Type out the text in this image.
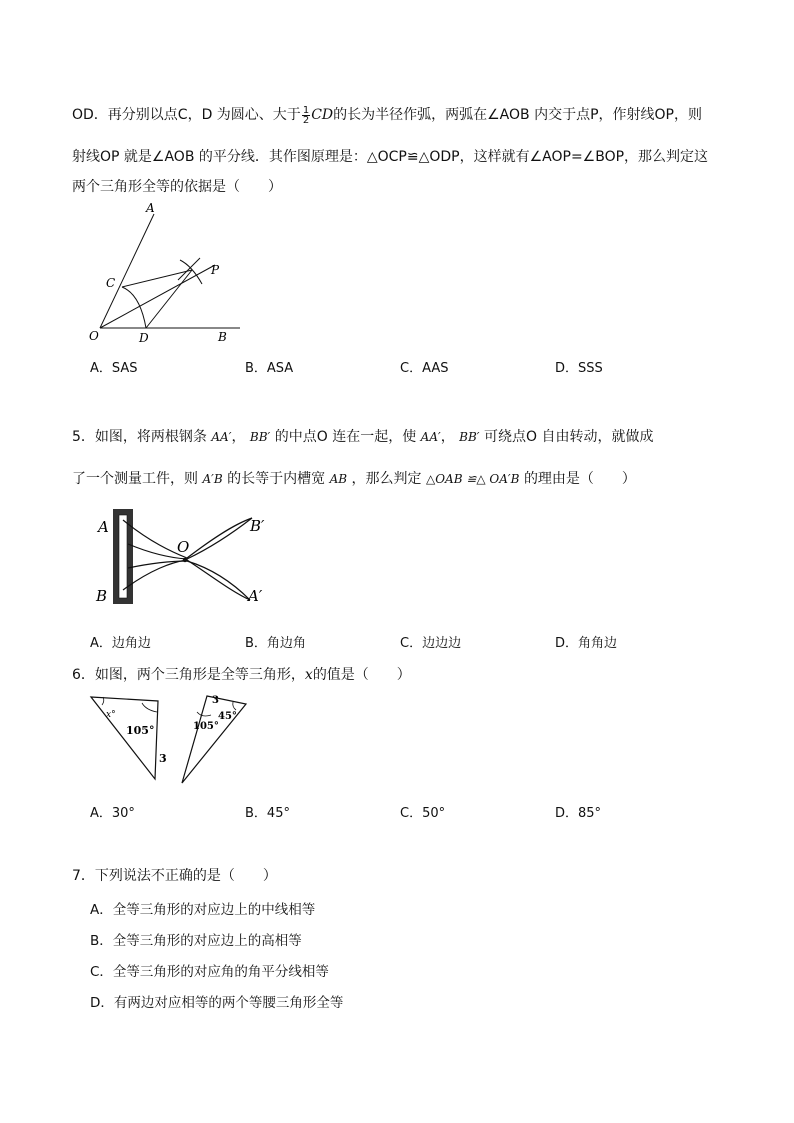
OD．再分别以点C，D 为圆心、大于 $\frac{1}{2}$ CD的长为半径作弧，两弧在∠AOB 内交于点P，作射线OP，则
射线OP 就是∠AOB 的平分线．其作图原理是：△OCP≌△ODP，这样就有∠AOP=∠BOP，那么判定这
两个三角形全等的依据是（　　）
A
C
P
O	D	B
A．SAS	B．ASA	C．AAS	D．SSS
5．如图，将两根钢条 AA′， BB′ 的中点O 连在一起，使 AA′， BB′ 可绕点O 自由转动，就做成
了一个测量工件，则 A′B 的长等于内槽宽 AB ，那么判定 △OAB ≌△ OA′B 的理由是（　　）
A
B
O
B′
A′
A．边角边	B．角边角	C．边边边	D．角角边
6．如图，两个三角形是全等三角形，x的值是（　　）
x°
105°
3
3
45°
105°
A．30°	B．45°	C．50°	D．85°
7．下列说法不正确的是（　　）
A．全等三角形的对应边上的中线相等
B．全等三角形的对应边上的高相等
C．全等三角形的对应角的角平分线相等
D．有两边对应相等的两个等腰三角形全等
